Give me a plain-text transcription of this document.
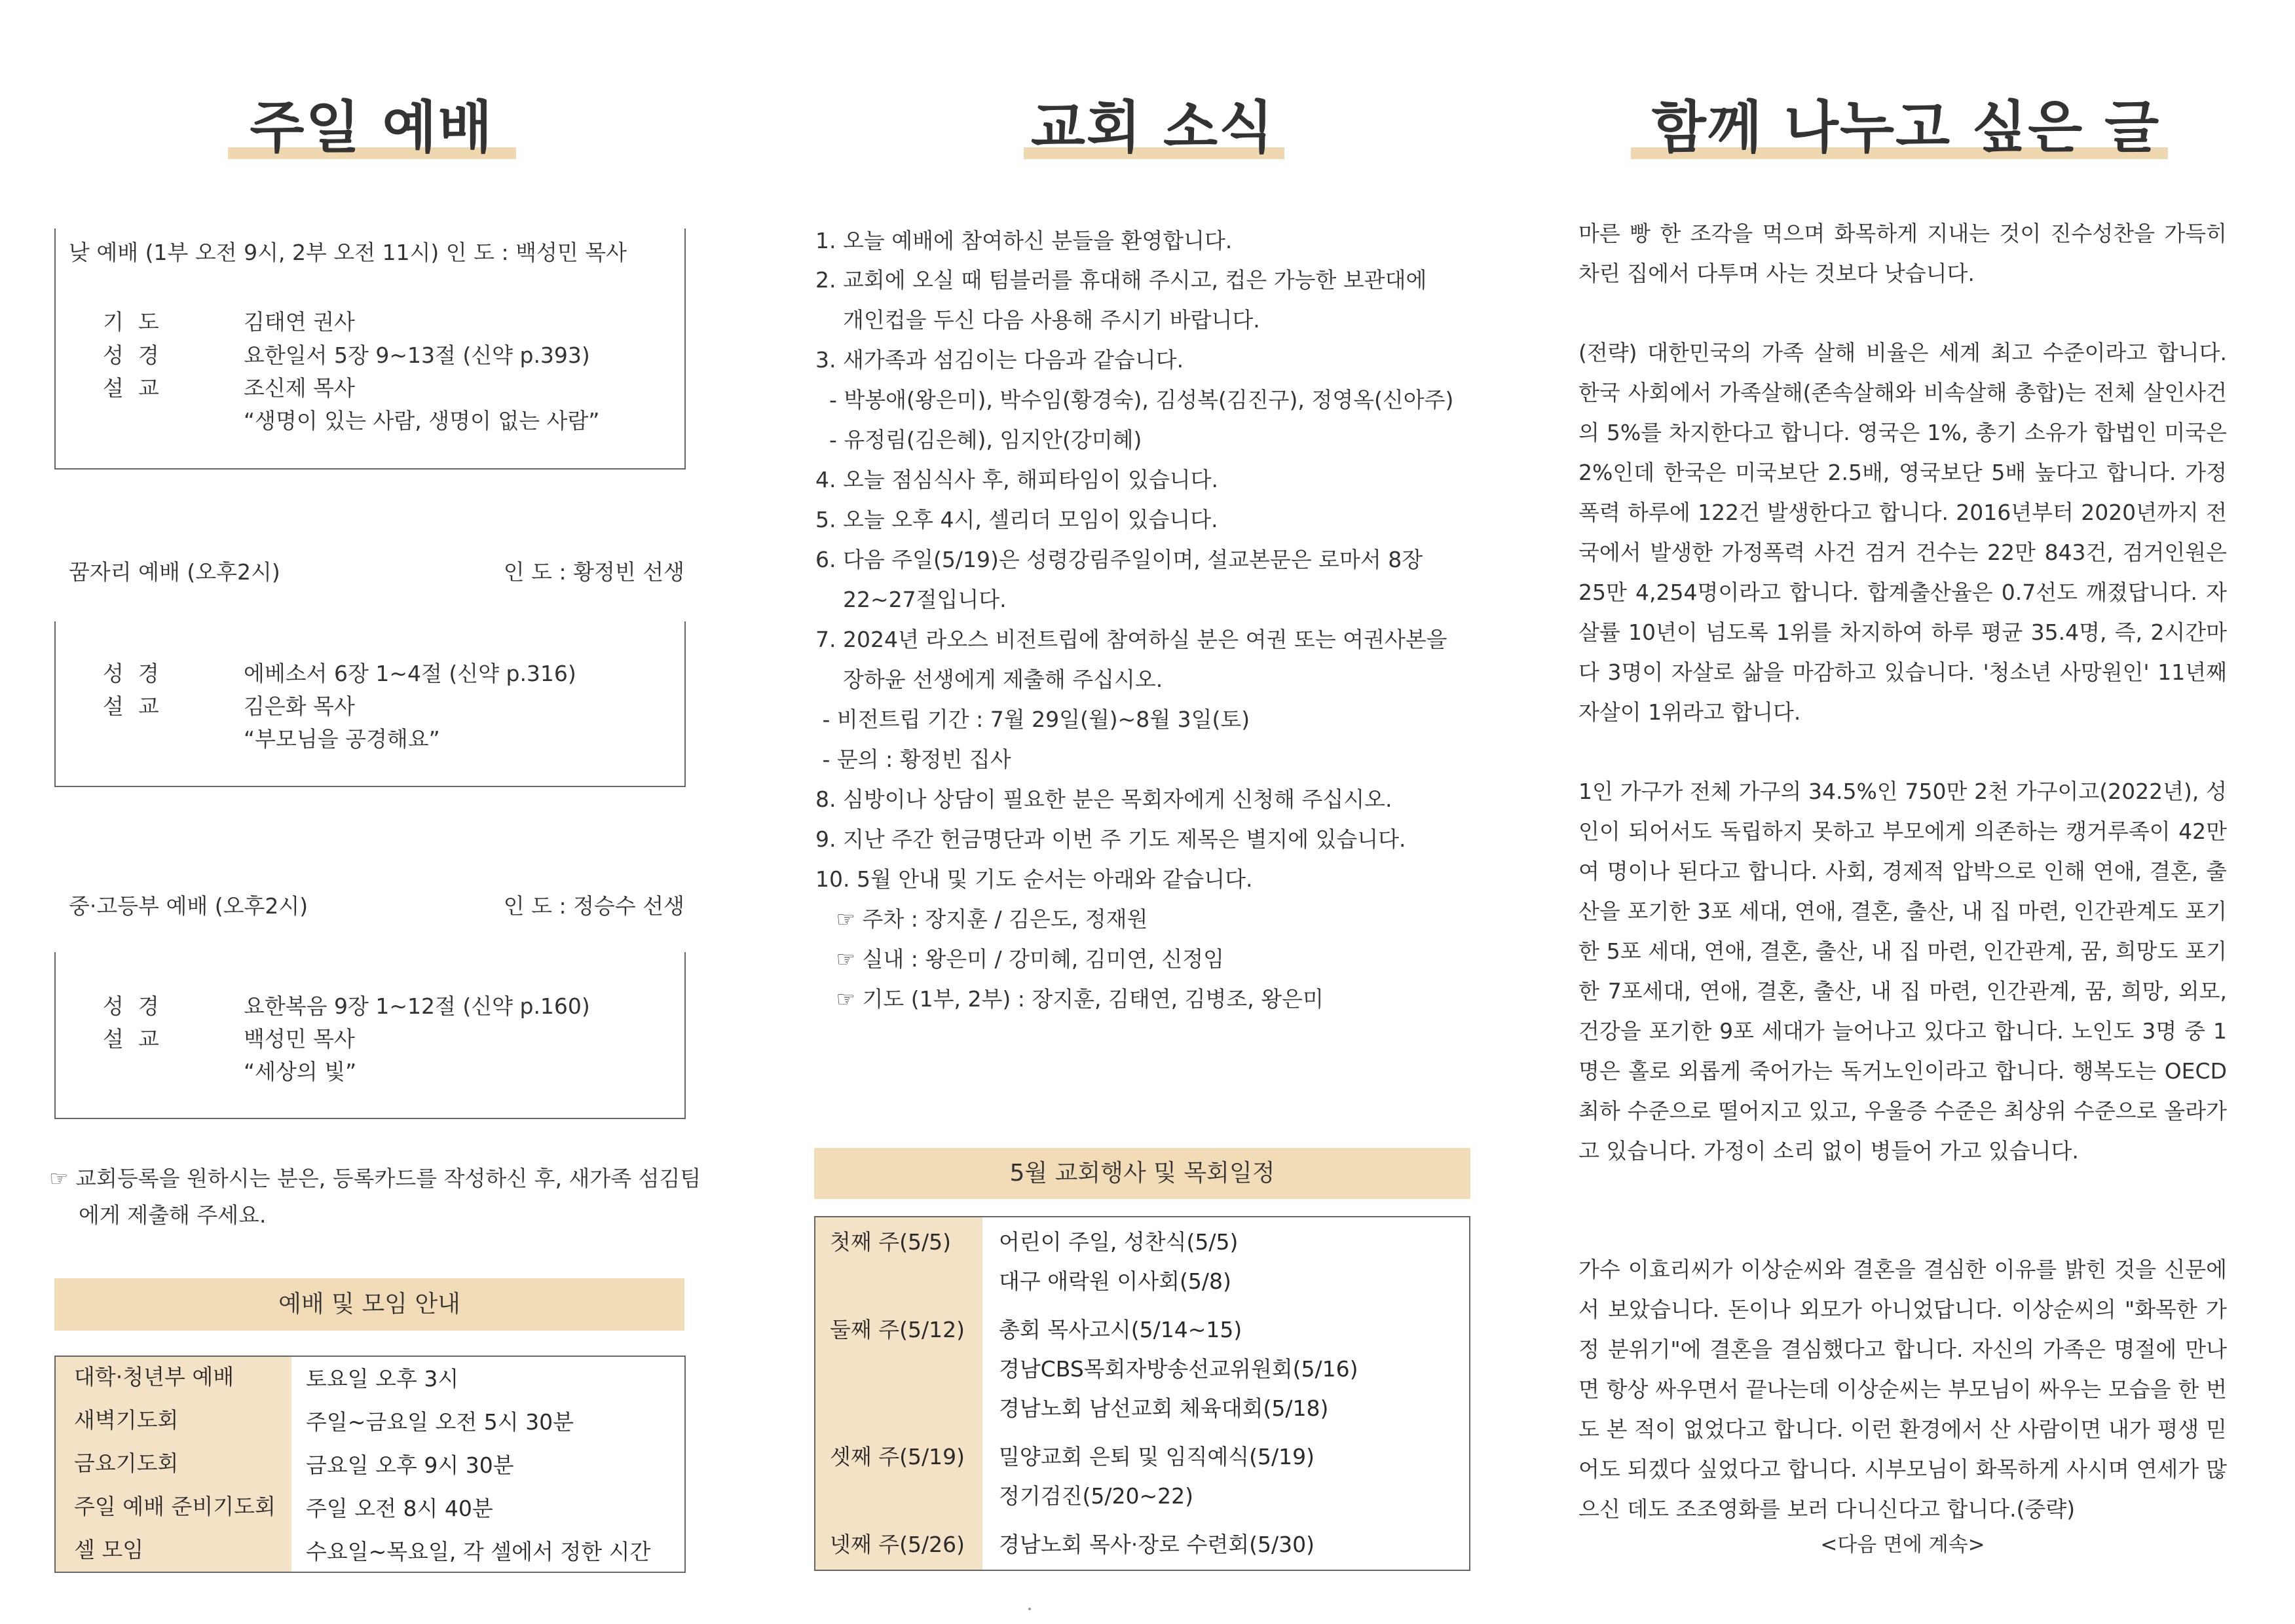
주일 예배
낮 예배 (1부 오전 9시, 2부 오전 11시) 인 도 : 백성민 목사
기도	김태연 권사
성경	요한일서 5장 9~13절 (신약 p.393)
설교	조신제 목사
“생명이 있는 사람, 생명이 없는 사람”
꿈자리 예배 (오후2시)	인 도 : 황정빈 선생
성경	에베소서 6장 1~4절 (신약 p.316)
설교	김은화 목사
“부모님을 공경해요”
중·고등부 예배 (오후2시)	인 도 : 정승수 선생
성경	요한복음 9장 1~12절 (신약 p.160)
설교	백성민 목사
“세상의 빛”
☞ 교회등록을 원하시는 분은, 등록카드를 작성하신 후, 새가족 섬김팀에게 제출해 주세요.
예배 및 모임 안내
대학·청년부 예배	토요일 오후 3시
새벽기도회	주일~금요일 오전 5시 30분
금요기도회	금요일 오후 9시 30분
주일 예배 준비기도회	주일 오전 8시 40분
셀 모임	수요일~목요일, 각 셀에서 정한 시간
교회 소식
1. 오늘 예배에 참여하신 분들을 환영합니다.
2. 교회에 오실 때 텀블러를 휴대해 주시고, 컵은 가능한 보관대에
개인컵을 두신 다음 사용해 주시기 바랍니다.
3. 새가족과 섬김이는 다음과 같습니다.
- 박봉애(왕은미), 박수임(황경숙), 김성복(김진구), 정영옥(신아주)
- 유정림(김은혜), 임지안(강미혜)
4. 오늘 점심식사 후, 해피타임이 있습니다.
5. 오늘 오후 4시, 셀리더 모임이 있습니다.
6. 다음 주일(5/19)은 성령강림주일이며, 설교본문은 로마서 8장
22~27절입니다.
7. 2024년 라오스 비전트립에 참여하실 분은 여권 또는 여권사본을
장하윤 선생에게 제출해 주십시오.
- 비전트립 기간 : 7월 29일(월)~8월 3일(토)
- 문의 : 황정빈 집사
8. 심방이나 상담이 필요한 분은 목회자에게 신청해 주십시오.
9. 지난 주간 헌금명단과 이번 주 기도 제목은 별지에 있습니다.
10. 5월 안내 및 기도 순서는 아래와 같습니다.
☞ 주차 : 장지훈 / 김은도, 정재원
☞ 실내 : 왕은미 / 강미혜, 김미연, 신정임
☞ 기도 (1부, 2부) : 장지훈, 김태연, 김병조, 왕은미
5월 교회행사 및 목회일정
첫째 주(5/5) 어린이 주일, 성찬식(5/5)
대구 애락원 이사회(5/8)
둘째 주(5/12) 총회 목사고시(5/14~15)
경남CBS목회자방송선교위원회(5/16)
경남노회 남선교회 체육대회(5/18)
셋째 주(5/19) 밀양교회 은퇴 및 임직예식(5/19)
정기검진(5/20~22)
넷째 주(5/26) 경남노회 목사·장로 수련회(5/30)
함께 나누고 싶은 글
마른 빵 한 조각을 먹으며 화목하게 지내는 것이 진수성찬을 가득히 차린 집에서 다투며 사는 것보다 낫습니다.
(전략) 대한민국의 가족 살해 비율은 세계 최고 수준이라고 합니다. 한국 사회에서 가족살해(존속살해와 비속살해 총합)는 전체 살인사건의 5%를 차지한다고 합니다. 영국은 1%, 총기 소유가 합법인 미국은 2%인데 한국은 미국보단 2.5배, 영국보단 5배 높다고 합니다. 가정폭력 하루에 122건 발생한다고 합니다. 2016년부터 2020년까지 전국에서 발생한 가정폭력 사건 검거 건수는 22만 843건, 검거인원은 25만 4,254명이라고 합니다. 합계출산율은 0.7선도 깨졌답니다. 자살률 10년이 넘도록 1위를 차지하여 하루 평균 35.4명, 즉, 2시간마다 3명이 자살로 삶을 마감하고 있습니다. '청소년 사망원인' 11년째 자살이 1위라고 합니다.
1인 가구가 전체 가구의 34.5%인 750만 2천 가구이고(2022년), 성인이 되어서도 독립하지 못하고 부모에게 의존하는 캥거루족이 42만여 명이나 된다고 합니다. 사회, 경제적 압박으로 인해 연애, 결혼, 출산을 포기한 3포 세대, 연애, 결혼, 출산, 내 집 마련, 인간관계도 포기한 5포 세대, 연애, 결혼, 출산, 내 집 마련, 인간관계, 꿈, 희망도 포기한 7포세대, 연애, 결혼, 출산, 내 집 마련, 인간관계, 꿈, 희망, 외모, 건강을 포기한 9포 세대가 늘어나고 있다고 합니다. 노인도 3명 중 1명은 홀로 외롭게 죽어가는 독거노인이라고 합니다. 행복도는 OECD 최하 수준으로 떨어지고 있고, 우울증 수준은 최상위 수준으로 올라가고 있습니다. 가정이 소리 없이 병들어 가고 있습니다.
가수 이효리씨가 이상순씨와 결혼을 결심한 이유를 밝힌 것을 신문에서 보았습니다. 돈이나 외모가 아니었답니다. 이상순씨의 "화목한 가정 분위기"에 결혼을 결심했다고 합니다. 자신의 가족은 명절에 만나면 항상 싸우면서 끝나는데 이상순씨는 부모님이 싸우는 모습을 한 번도 본 적이 없었다고 합니다. 이런 환경에서 산 사람이면 내가 평생 믿어도 되겠다 싶었다고 합니다. 시부모님이 화목하게 사시며 연세가 많으신 데도 조조영화를 보러 다니신다고 합니다.(중략)
<다음 면에 계속>
